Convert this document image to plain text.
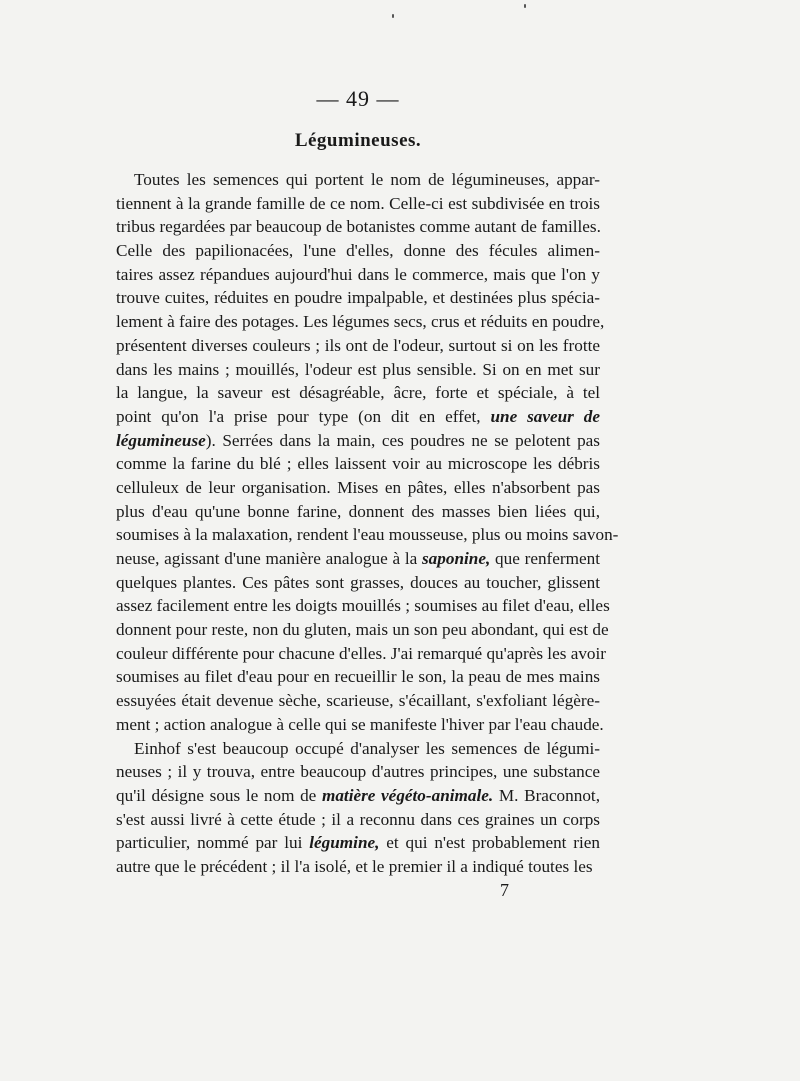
— 49 —
Légumineuses.
Toutes les semences qui portent le nom de légumineuses, appar-
tiennent à la grande famille de ce nom. Celle-ci est subdivisée en trois
tribus regardées par beaucoup de botanistes comme autant de familles.
Celle des papilionacées, l'une d'elles, donne des fécules alimen-
taires assez répandues aujourd'hui dans le commerce, mais que l'on y
trouve cuites, réduites en poudre impalpable, et destinées plus spécia-
lement à faire des potages. Les légumes secs, crus et réduits en poudre,
présentent diverses couleurs ; ils ont de l'odeur, surtout si on les frotte
dans les mains ; mouillés, l'odeur est plus sensible. Si on en met sur
la langue, la saveur est désagréable, âcre, forte et spéciale, à tel
point qu'on l'a prise pour type (on dit en effet, une saveur de
légumineuse). Serrées dans la main, ces poudres ne se pelotent pas
comme la farine du blé ; elles laissent voir au microscope les débris
celluleux de leur organisation. Mises en pâtes, elles n'absorbent pas
plus d'eau qu'une bonne farine, donnent des masses bien liées qui,
soumises à la malaxation, rendent l'eau mousseuse, plus ou moins savon-
neuse, agissant d'une manière analogue à la saponine, que renferment
quelques plantes. Ces pâtes sont grasses, douces au toucher, glissent
assez facilement entre les doigts mouillés ; soumises au filet d'eau, elles
donnent pour reste, non du gluten, mais un son peu abondant, qui est de
couleur différente pour chacune d'elles. J'ai remarqué qu'après les avoir
soumises au filet d'eau pour en recueillir le son, la peau de mes mains
essuyées était devenue sèche, scarieuse, s'écaillant, s'exfoliant légère-
ment ; action analogue à celle qui se manifeste l'hiver par l'eau chaude.
Einhof s'est beaucoup occupé d'analyser les semences de légumi-
neuses ; il y trouva, entre beaucoup d'autres principes, une substance
qu'il désigne sous le nom de matière végéto-animale. M. Braconnot,
s'est aussi livré à cette étude ; il a reconnu dans ces graines un corps
particulier, nommé par lui légumine, et qui n'est probablement rien
autre que le précédent ; il l'a isolé, et le premier il a indiqué toutes les
7
